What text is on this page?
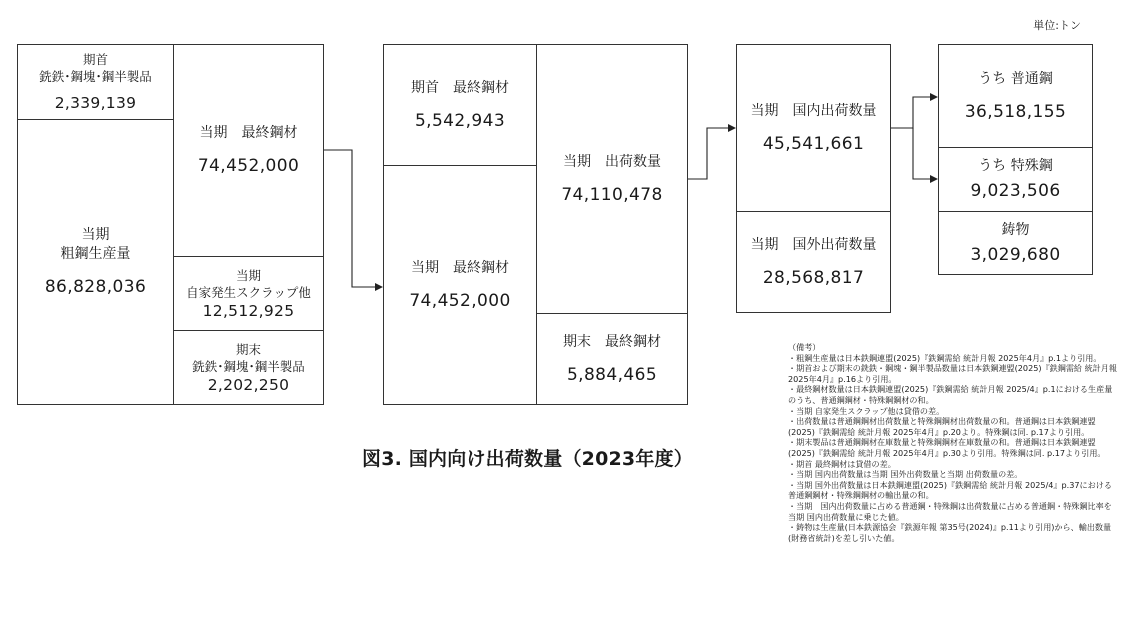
単位:トン
期首
銑鉄･鋼塊･鋼半製品
2,339,139
当期
粗鋼生産量
86,828,036
当期　最終鋼材
74,452,000
当期
自家発生スクラップ他
12,512,925
期末
銑鉄･鋼塊･鋼半製品
2,202,250
期首　最終鋼材
5,542,943
当期　最終鋼材
74,452,000
当期　出荷数量
74,110,478
期末　最終鋼材
5,884,465
当期　国内出荷数量
45,541,661
当期　国外出荷数量
28,568,817
うち 普通鋼
36,518,155
うち 特殊鋼
9,023,506
鋳物
3,029,680
図3. 国内向け出荷数量（2023年度）
（備考）
・粗鋼生産量は日本鉄鋼連盟(2025)『鉄鋼需給 統計月報 2025年4月』p.1より引用。
・期首および期末の銑鉄・鋼塊・鋼半製品数量は日本鉄鋼連盟(2025)『鉄鋼需給 統計月報 2025年4月』p.16より引用。
・最終鋼材数量は日本鉄鋼連盟(2025)『鉄鋼需給 統計月報 2025/4』p.1における生産量のうち、普通鋼鋼材・特殊鋼鋼材の和。
・当期 自家発生スクラップ他は貸借の差。
・出荷数量は普通鋼鋼材出荷数量と特殊鋼鋼材出荷数量の和。普通鋼は日本鉄鋼連盟(2025)『鉄鋼需給 統計月報 2025年4月』p.20より。特殊鋼は同. p.17より引用。
・期末製品は普通鋼鋼材在庫数量と特殊鋼鋼材在庫数量の和。普通鋼は日本鉄鋼連盟(2025)『鉄鋼需給 統計月報 2025年4月』p.30より引用。特殊鋼は同. p.17より引用。
・期首 最終鋼材は貸借の差。
・当期 国内出荷数量は当期 国外出荷数量と当期 出荷数量の差。
・当期 国外出荷数量は日本鉄鋼連盟(2025)『鉄鋼需給 統計月報 2025/4』p.37における普通鋼鋼材・特殊鋼鋼材の輸出量の和。
・当期　国内出荷数量に占める普通鋼・特殊鋼は出荷数量に占める普通鋼・特殊鋼比率を当期 国内出荷数量に乗じた値。
・鋳物は生産量(日本鉄源協会『鉄源年報 第35号(2024)』p.11より引用)から、輸出数量(財務省統計)を差し引いた値。
